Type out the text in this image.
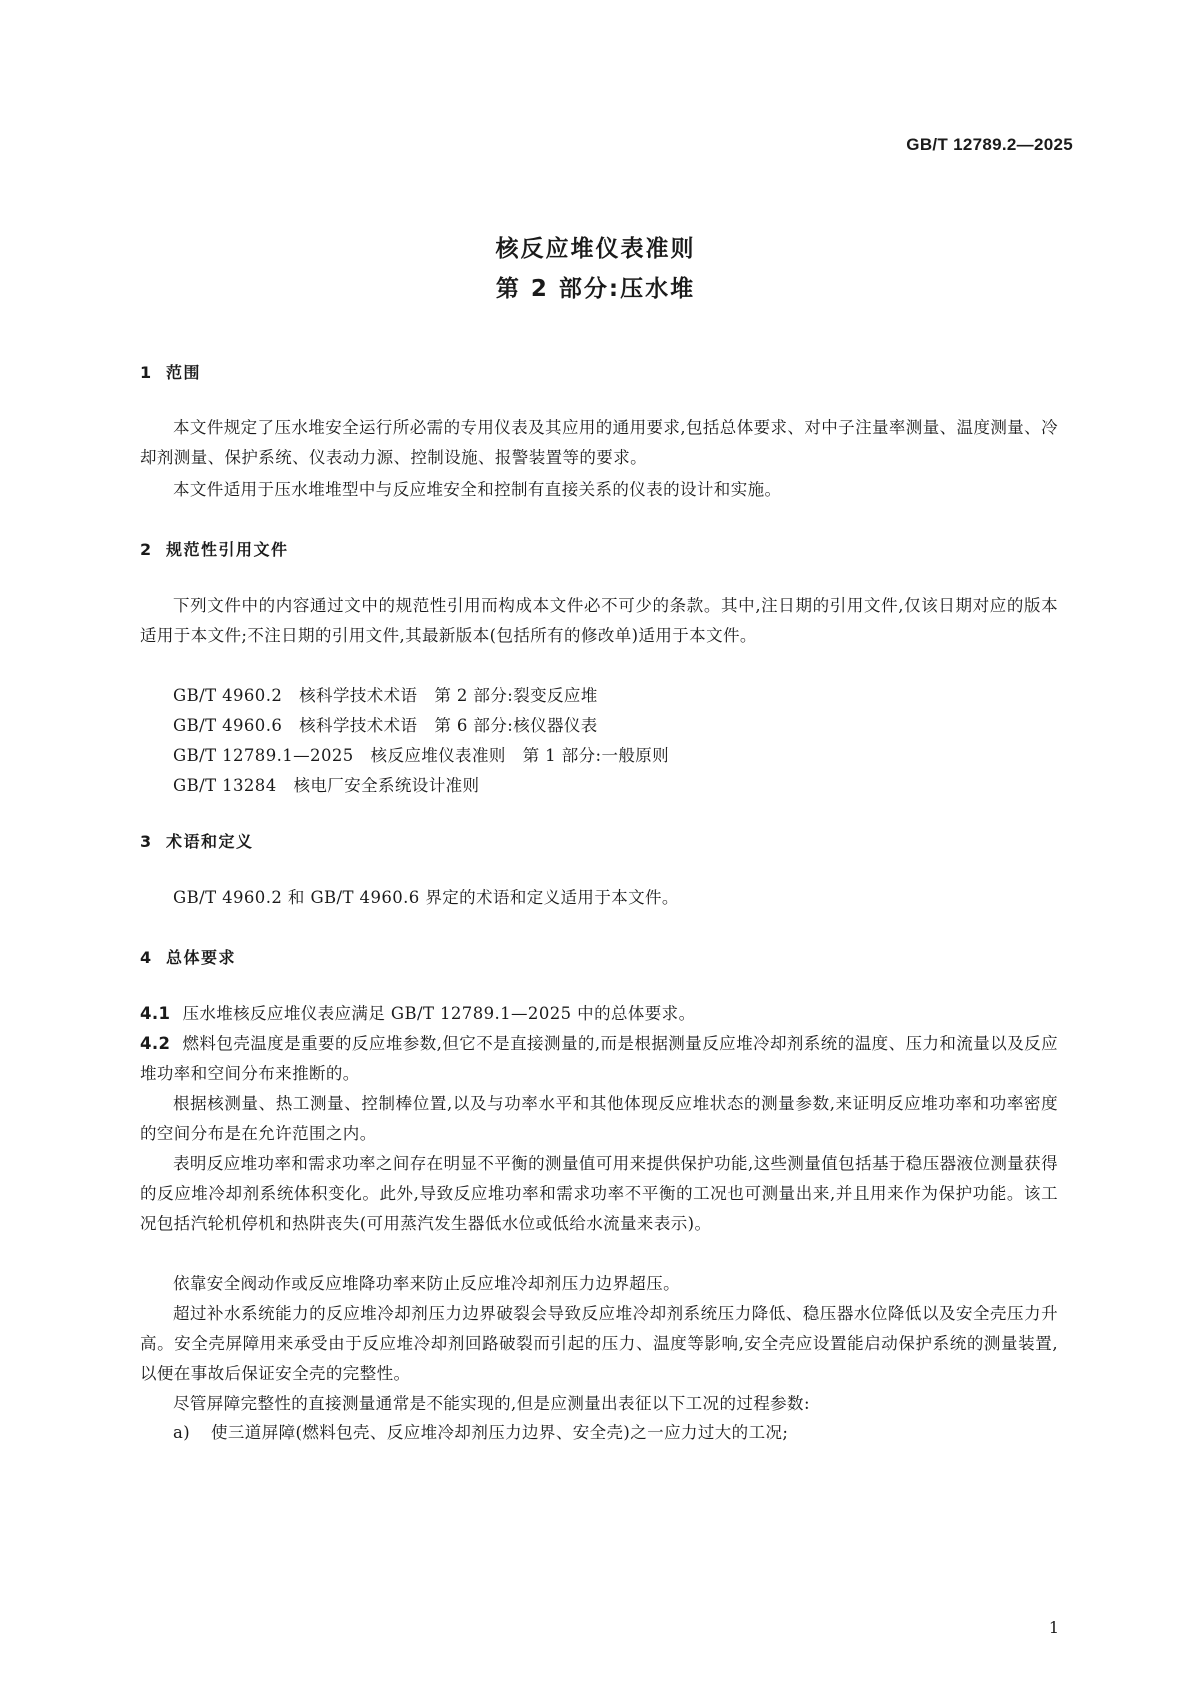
GB/T 12789.2—2025
核反应堆仪表准则
第 2 部分:压水堆
1 范围

本文件规定了压水堆安全运行所必需的专用仪表及其应用的通用要求,包括总体要求、对中子注量率测量、温度测量、冷却剂测量、保护系统、仪表动力源、控制设施、报警装置等的要求。

本文件适用于压水堆堆型中与反应堆安全和控制有直接关系的仪表的设计和实施。

2 规范性引用文件

下列文件中的内容通过文中的规范性引用而构成本文件必不可少的条款。其中,注日期的引用文件,仅该日期对应的版本适用于本文件;不注日期的引用文件,其最新版本(包括所有的修改单)适用于本文件。

GB/T 4960.2　核科学技术术语　第 2 部分:裂变反应堆
GB/T 4960.6　核科学技术术语　第 6 部分:核仪器仪表
GB/T 12789.1—2025　核反应堆仪表准则　第 1 部分:一般原则
GB/T 13284　核电厂安全系统设计准则
3 术语和定义

GB/T 4960.2 和 GB/T 4960.6 界定的术语和定义适用于本文件。

4 总体要求

4.1 压水堆核反应堆仪表应满足 GB/T 12789.1—2025 中的总体要求。

4.2 燃料包壳温度是重要的反应堆参数,但它不是直接测量的,而是根据测量反应堆冷却剂系统的温度、压力和流量以及反应堆功率和空间分布来推断的。

根据核测量、热工测量、控制棒位置,以及与功率水平和其他体现反应堆状态的测量参数,来证明反应堆功率和功率密度的空间分布是在允许范围之内。

表明反应堆功率和需求功率之间存在明显不平衡的测量值可用来提供保护功能,这些测量值包括基于稳压器液位测量获得的反应堆冷却剂系统体积变化。此外,导致反应堆功率和需求功率不平衡的工况也可测量出来,并且用来作为保护功能。该工况包括汽轮机停机和热阱丧失(可用蒸汽发生器低水位或低给水流量来表示)。

依靠安全阀动作或反应堆降功率来防止反应堆冷却剂压力边界超压。

超过补水系统能力的反应堆冷却剂压力边界破裂会导致反应堆冷却剂系统压力降低、稳压器水位降低以及安全壳压力升高。安全壳屏障用来承受由于反应堆冷却剂回路破裂而引起的压力、温度等影响,安全壳应设置能启动保护系统的测量装置,以便在事故后保证安全壳的完整性。

尽管屏障完整性的直接测量通常是不能实现的,但是应测量出表征以下工况的过程参数:

a) 使三道屏障(燃料包壳、反应堆冷却剂压力边界、安全壳)之一应力过大的工况;
1
